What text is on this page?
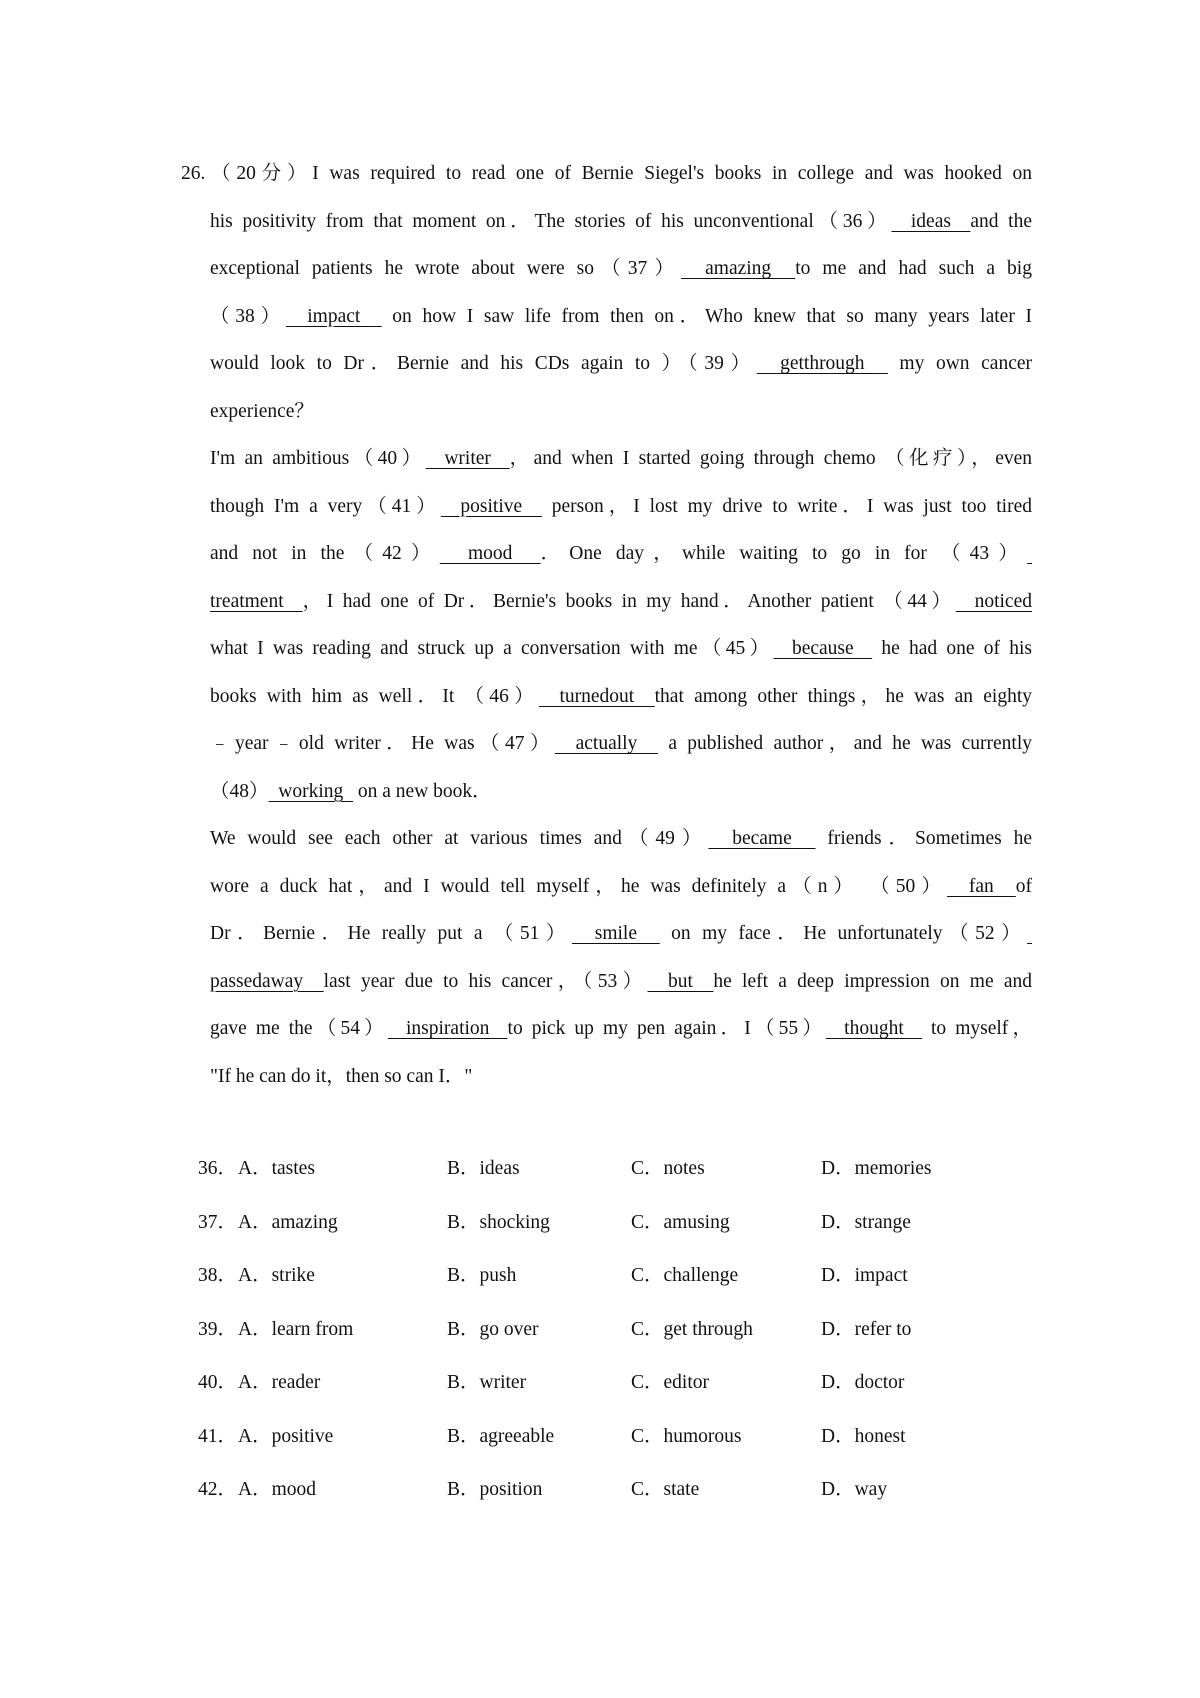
26.（20分）I was required to read one of Bernie Siegel's books in college and was hooked on
his positivity from that moment on．The stories of his unconventional（36）  ideas  and the
exceptional patients he wrote about were so（37）  amazing  to me and had such a big
（38）  impact   on how I saw life from then on．Who knew that so many years later I
would look to Dr．Bernie and his CDs again to ）（39）  getthrough   my own cancer
experience？
I'm an ambitious（40）  writer  ，and when I started going through chemo （化疗），even
though I'm a very（41）  positive   person，I lost my drive to write．I was just too tired
and not in the（42）  mood  ．One day，while waiting to go in for （43）
treatment  ，I had one of Dr．Bernie's books in my hand．Another patient （44）  noticed
what I was reading and struck up a conversation with me（45）  because   he had one of his
books with him as well．It （46）  turnedout  that among other things，he was an eighty
﹣year﹣old writer．He was（47）  actually   a published author，and he was currently
（48）  working   on a new book．
We would see each other at various times and（49）  became   friends．Sometimes he
wore a duck hat，and I would tell myself，he was definitely a（n） （50）  fan  of
Dr．Bernie．He really put a （51）  smile   on my face．He unfortunately（52）
passedaway  last year due to his cancer，（53）  but  he left a deep impression on me and
gave me the（54）  inspiration  to pick up my pen again．I（55）  thought   to myself，
"If he can do it，then so can I．"
36． A．tastes	B．ideas	C．notes	D．memories
37． A．amazing	B．shocking	C．amusing	D．strange
38． A．strike	B．push	C．challenge	D．impact
39． A．learn from	B．go over	C．get through	D．refer to
40． A．reader	B．writer	C．editor	D．doctor
41． A．positive	B．agreeable	C．humorous	D．honest
42． A．mood	B．position	C．state	D．way
